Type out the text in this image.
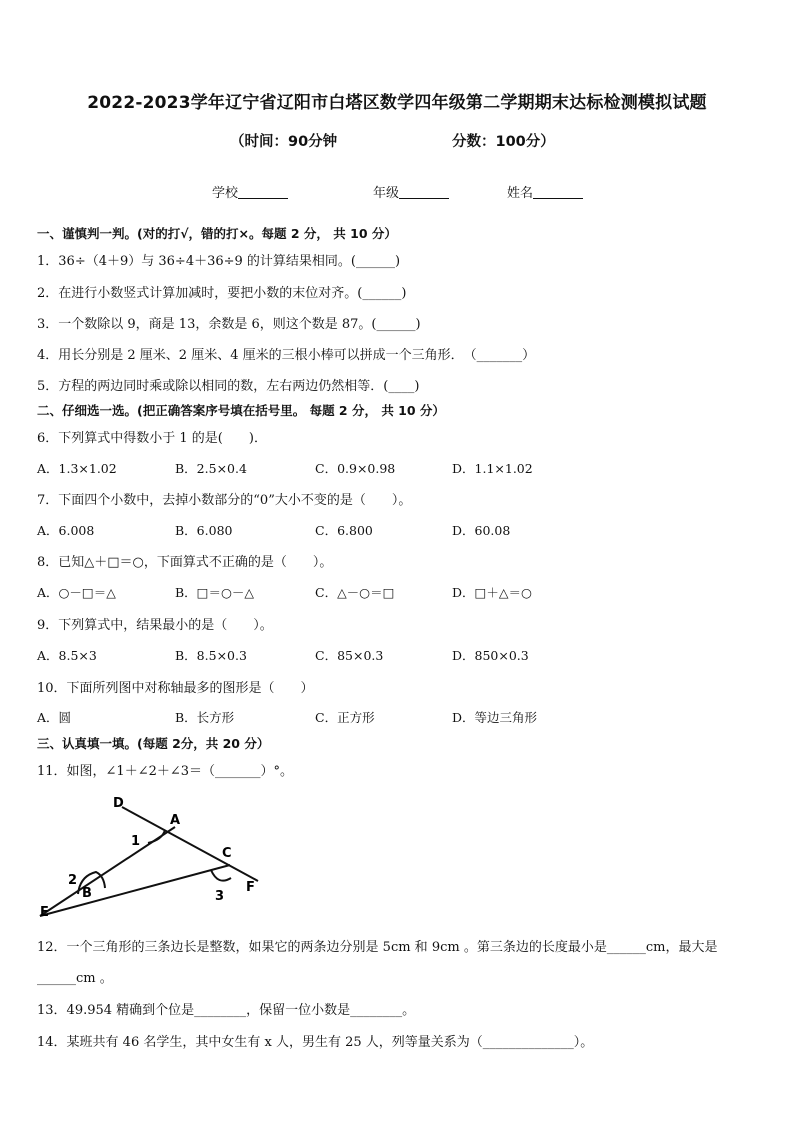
2022-2023学年辽宁省辽阳市白塔区数学四年级第二学期期末达标检测模拟试题
（时间：90分钟	分数：100分）
学校	年级	姓名
一、谨慎判一判。(对的打√，错的打×。每题 2 分， 共 10 分）
1．36÷（4＋9）与 36÷4＋36÷9 的计算结果相同。(______)
2．在进行小数竖式计算加减时，要把小数的末位对齐。(______)
3．一个数除以 9，商是 13，余数是 6，则这个数是 87。(______)
4．用长分别是 2 厘米、2 厘米、4 厘米的三根小棒可以拼成一个三角形．　（_______）
5．方程的两边同时乘或除以相同的数，左右两边仍然相等．(____)
二、仔细选一选。(把正确答案序号填在括号里。 每题 2 分， 共 10 分）
6．下列算式中得数小于 1 的是(　　)．
A．1.3×1.02	B．2.5×0.4	C．0.9×0.98	D．1.1×1.02
7．下面四个小数中，去掉小数部分的“0”大小不变的是（　　）。
A．6.008	B．6.080	C．6.800	D．60.08
8．已知△＋□＝○，下面算式不正确的是（　　）。
A．○－□＝△	B．□＝○－△	C．△－○＝□	D．□＋△＝○
9．下列算式中，结果最小的是（　　）。
A．8.5×3	B．8.5×0.3	C．85×0.3	D．850×0.3
10．下面所列图中对称轴最多的图形是（　　）
A．圆	B．长方形	C．正方形	D．等边三角形
三、认真填一填。(每题 2分，共 20 分）
11．如图，∠1＋∠2＋∠3＝（_______）°。
D
A
C
F
B
E
1
2
3
12．一个三角形的三条边长是整数，如果它的两条边分别是 5cm 和 9cm 。第三条边的长度最小是______cm，最大是
______cm 。
13．49.954 精确到个位是________，保留一位小数是________。
14．某班共有 46 名学生，其中女生有 x 人，男生有 25 人，列等量关系为（______________）。
